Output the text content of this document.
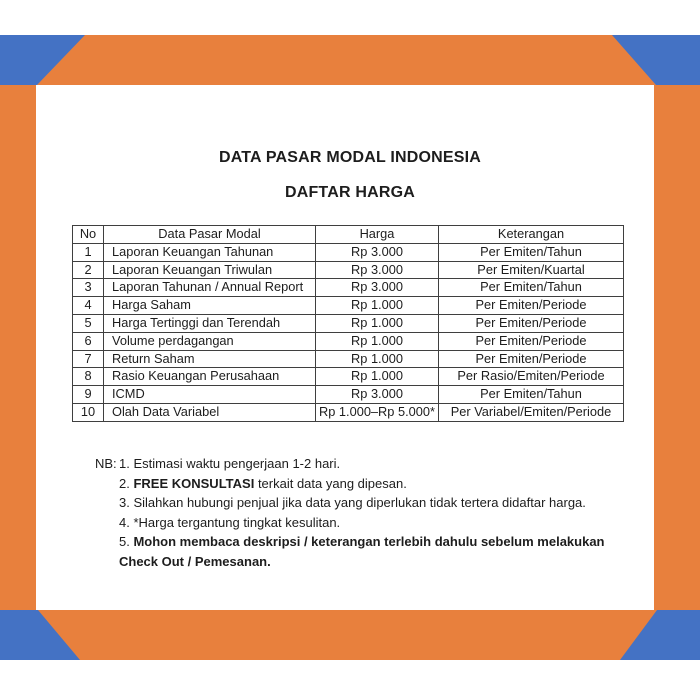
DATA PASAR MODAL INDONESIA
DAFTAR HARGA
No	Data Pasar Modal	Harga	Keterangan
1	Laporan Keuangan Tahunan	Rp 3.000	Per Emiten/Tahun
2	Laporan Keuangan Triwulan	Rp 3.000	Per Emiten/Kuartal
3	Laporan Tahunan / Annual Report	Rp 3.000	Per Emiten/Tahun
4	Harga Saham	Rp 1.000	Per Emiten/Periode
5	Harga Tertinggi dan Terendah	Rp 1.000	Per Emiten/Periode
6	Volume perdagangan	Rp 1.000	Per Emiten/Periode
7	Return Saham	Rp 1.000	Per Emiten/Periode
8	Rasio Keuangan Perusahaan	Rp 1.000	Per Rasio/Emiten/Periode
9	ICMD	Rp 3.000	Per Emiten/Tahun
10	Olah Data Variabel	Rp 1.000–Rp 5.000*	Per Variabel/Emiten/Periode
NB: 1. Estimasi waktu pengerjaan 1-2 hari.
2. FREE KONSULTASI terkait data yang dipesan.
3. Silahkan hubungi penjual jika data yang diperlukan tidak tertera didaftar harga.
4. *Harga tergantung tingkat kesulitan.
5. Mohon membaca deskripsi / keterangan terlebih dahulu sebelum melakukan
Check Out / Pemesanan.
